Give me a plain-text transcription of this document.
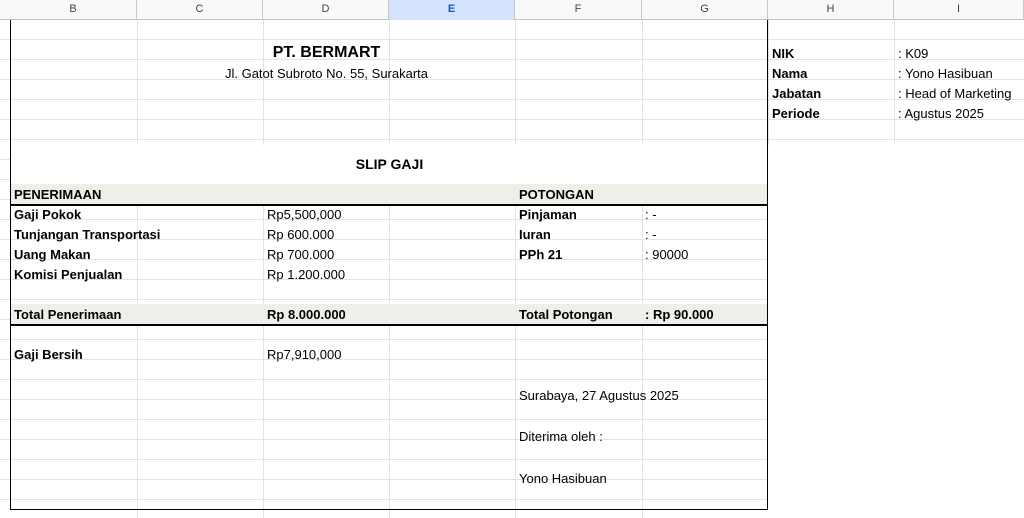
B	C	D	E	F	G	H	I
PT. BERMART
Jl. Gatot Subroto No. 55, Surakarta
NIK	: K09
Nama	: Yono Hasibuan
Jabatan	: Head of Marketing
Periode	: Agustus 2025
SLIP GAJI
PENERIMAAN
Gaji Pokok	Rp5,500,000
Tunjangan Transportasi	Rp 600.000
Uang Makan	Rp 700.000
Komisi Penjualan	Rp 1.200.000
Total Penerimaan	Rp 8.000.000
POTONGAN
Pinjaman	: -
Iuran	: -
PPh 21	: 90000
Total Potongan : Rp 90.000
Gaji Bersih	Rp7,910,000
Surabaya, 27 Agustus 2025
Diterima oleh :
Yono Hasibuan
